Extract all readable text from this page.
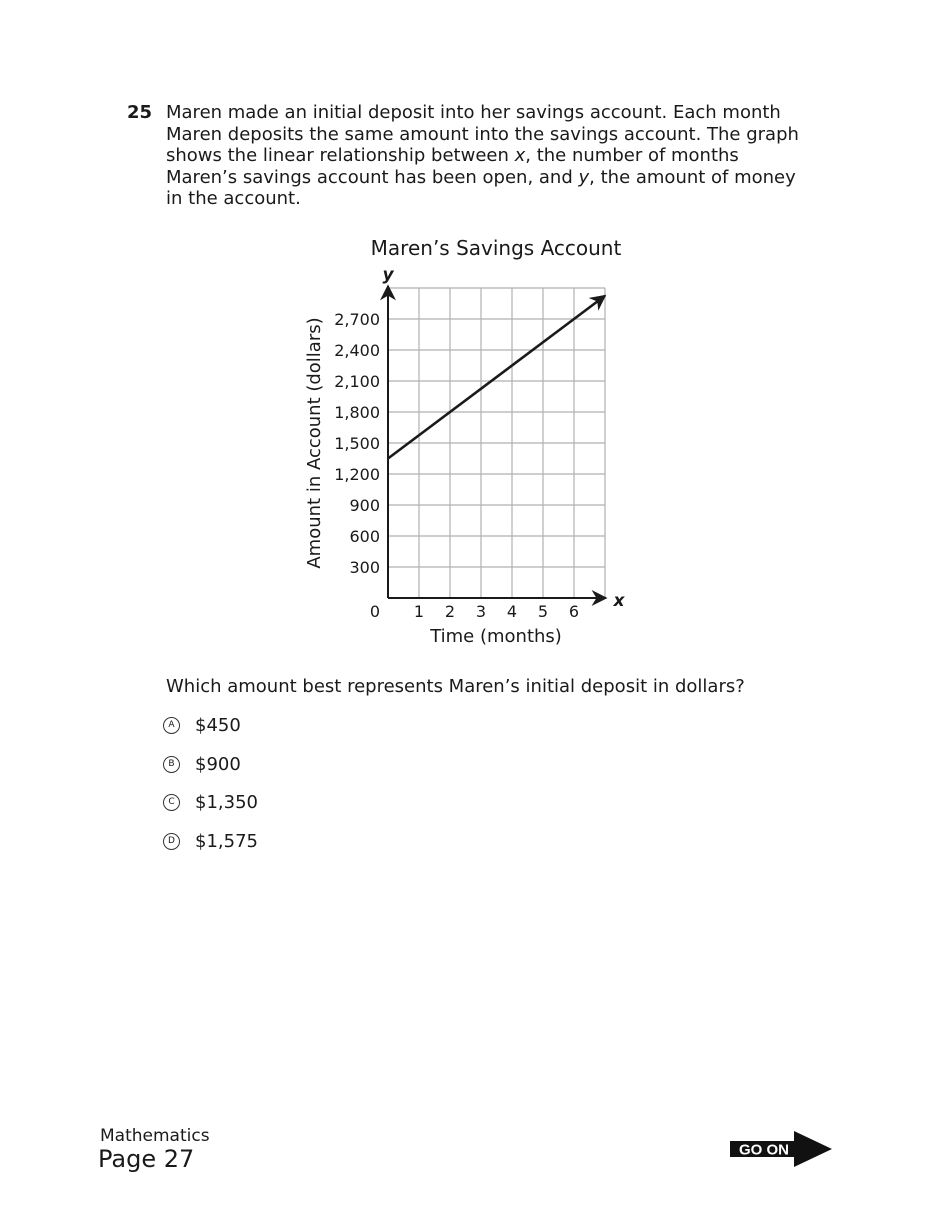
25 Maren made an initial deposit into her savings account. Each month
Maren deposits the same amount into the savings account. The graph
shows the linear relationship between x, the number of months
Maren’s savings account has been open, and y, the amount of money
in the account.
300
600
900
1,200
1,500
1,800
2,100
2,400
2,700
1 2 3 4 5 6
0
Maren’s Savings Account
y
x
Time (months)
Amount in Account (dollars)
Which amount best represents Maren’s initial deposit in dollars?
A	$450
B	$900
C $1,350
D $1,575
Mathematics
Page 27	GO ON
